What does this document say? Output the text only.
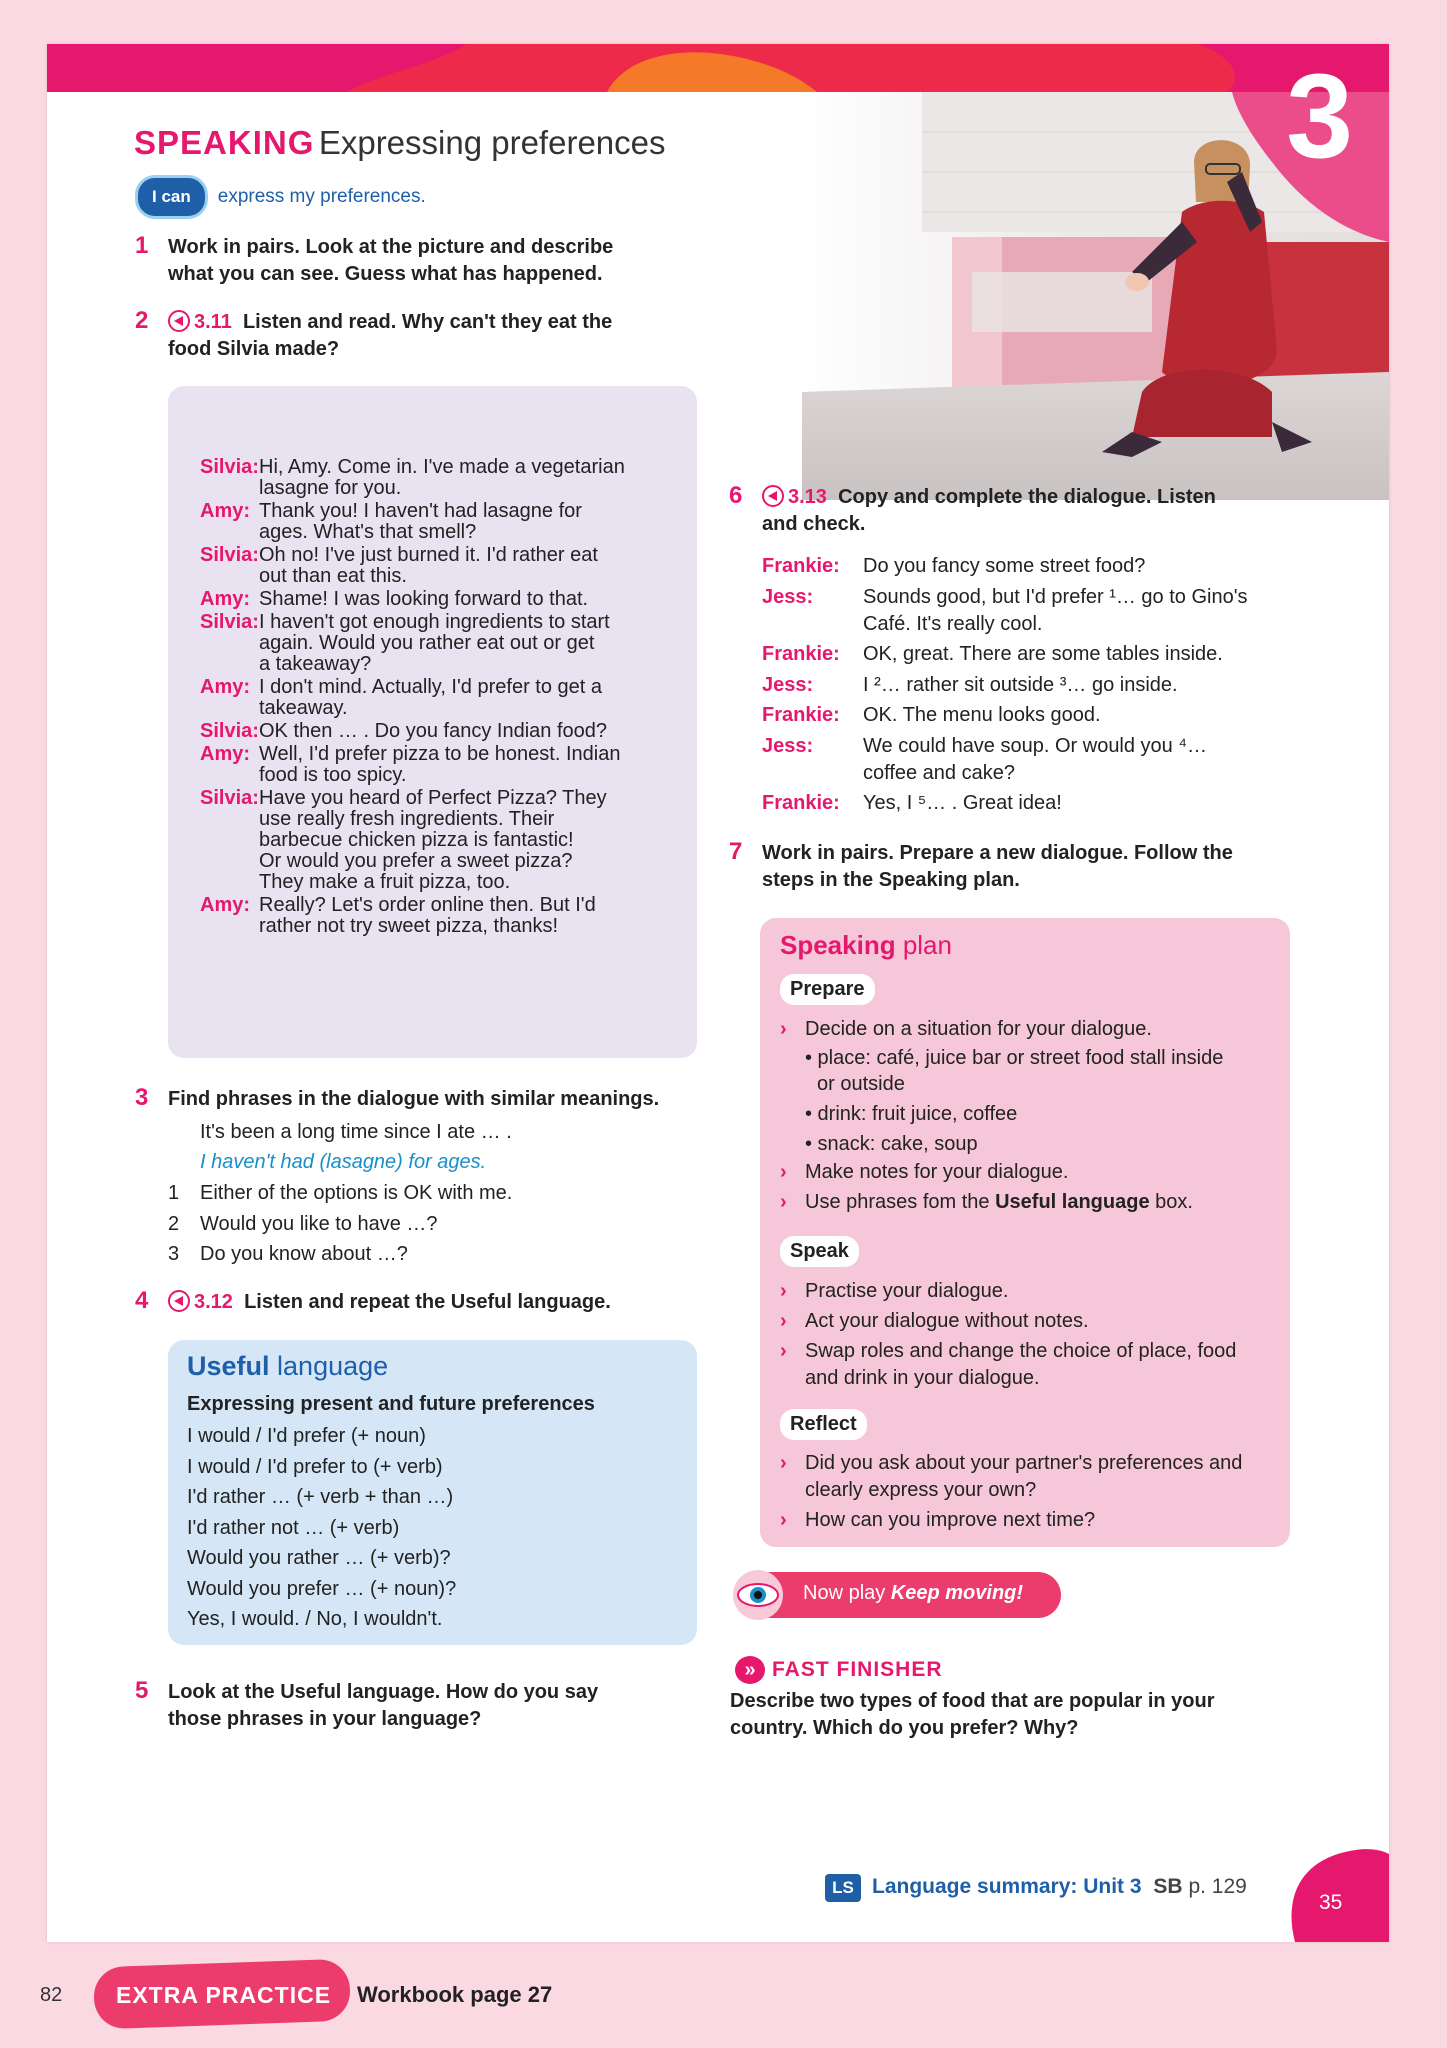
3
SPEAKING Expressing preferences
I can	express my preferences.
1 Work in pairs. Look at the picture and describe
what you can see. Guess what has happened.
2	3.11 Listen and read. Why can't they eat the
food Silvia made?
Silvia: Hi, Amy. Come in. I've made a vegetarian
lasagne for you.
Amy: Thank you! I haven't had lasagne for
ages. What's that smell?
Silvia: Oh no! I've just burned it. I'd rather eat
out than eat this.
Amy: Shame! I was looking forward to that.
Silvia: I haven't got enough ingredients to start
again. Would you rather eat out or get
a takeaway?
Amy: I don't mind. Actually, I'd prefer to get a
takeaway.
Silvia: OK then … . Do you fancy Indian food?
Amy: Well, I'd prefer pizza to be honest. Indian
food is too spicy.
Silvia: Have you heard of Perfect Pizza? They
use really fresh ingredients. Their
barbecue chicken pizza is fantastic!
Or would you prefer a sweet pizza?
They make a fruit pizza, too.
Amy: Really? Let's order online then. But I'd
rather not try sweet pizza, thanks!
3 Find phrases in the dialogue with similar meanings.
It's been a long time since I ate … .
I haven't had (lasagne) for ages.
1 Either of the options is OK with me.
2 Would you like to have …?
3 Do you know about …?
4	3.12 Listen and repeat the Useful language.
Useful language
Expressing present and future preferences
I would / I'd prefer (+ noun)
I would / I'd prefer to (+ verb)
I'd rather … (+ verb + than …)
I'd rather not … (+ verb)
Would you rather … (+ verb)?
Would you prefer … (+ noun)?
Yes, I would. / No, I wouldn't.
5 Look at the Useful language. How do you say
those phrases in your language?
6	3.13 Copy and complete the dialogue. Listen
and check.
Frankie: Do you fancy some street food?
Jess: Sounds good, but I'd prefer ¹… go to Gino's
Café. It's really cool.
Frankie: OK, great. There are some tables inside.
Jess: I ²… rather sit outside ³… go inside.
Frankie: OK. The menu looks good.
Jess: We could have soup. Or would you ⁴…
coffee and cake?
Frankie: Yes, I ⁵… . Great idea!
7 Work in pairs. Prepare a new dialogue. Follow the
steps in the Speaking plan.
Speaking plan
Prepare
› Decide on a situation for your dialogue.
• place: café, juice bar or street food stall inside
or outside
• drink: fruit juice, coffee
• snack: cake, soup
› Make notes for your dialogue.
› Use phrases fom the Useful language box.
Speak
› Practise your dialogue.
› Act your dialogue without notes.
› Swap roles and change the choice of place, food
and drink in your dialogue.
Reflect
› Did you ask about your partner's preferences and
clearly express your own?
› How can you improve next time?
Now play Keep moving!
» FAST FINISHER
Describe two types of food that are popular in your
country. Which do you prefer? Why?
LS Language summary: Unit 3 SB p. 129
35
82 EXTRA PRACTICE Workbook page 27
